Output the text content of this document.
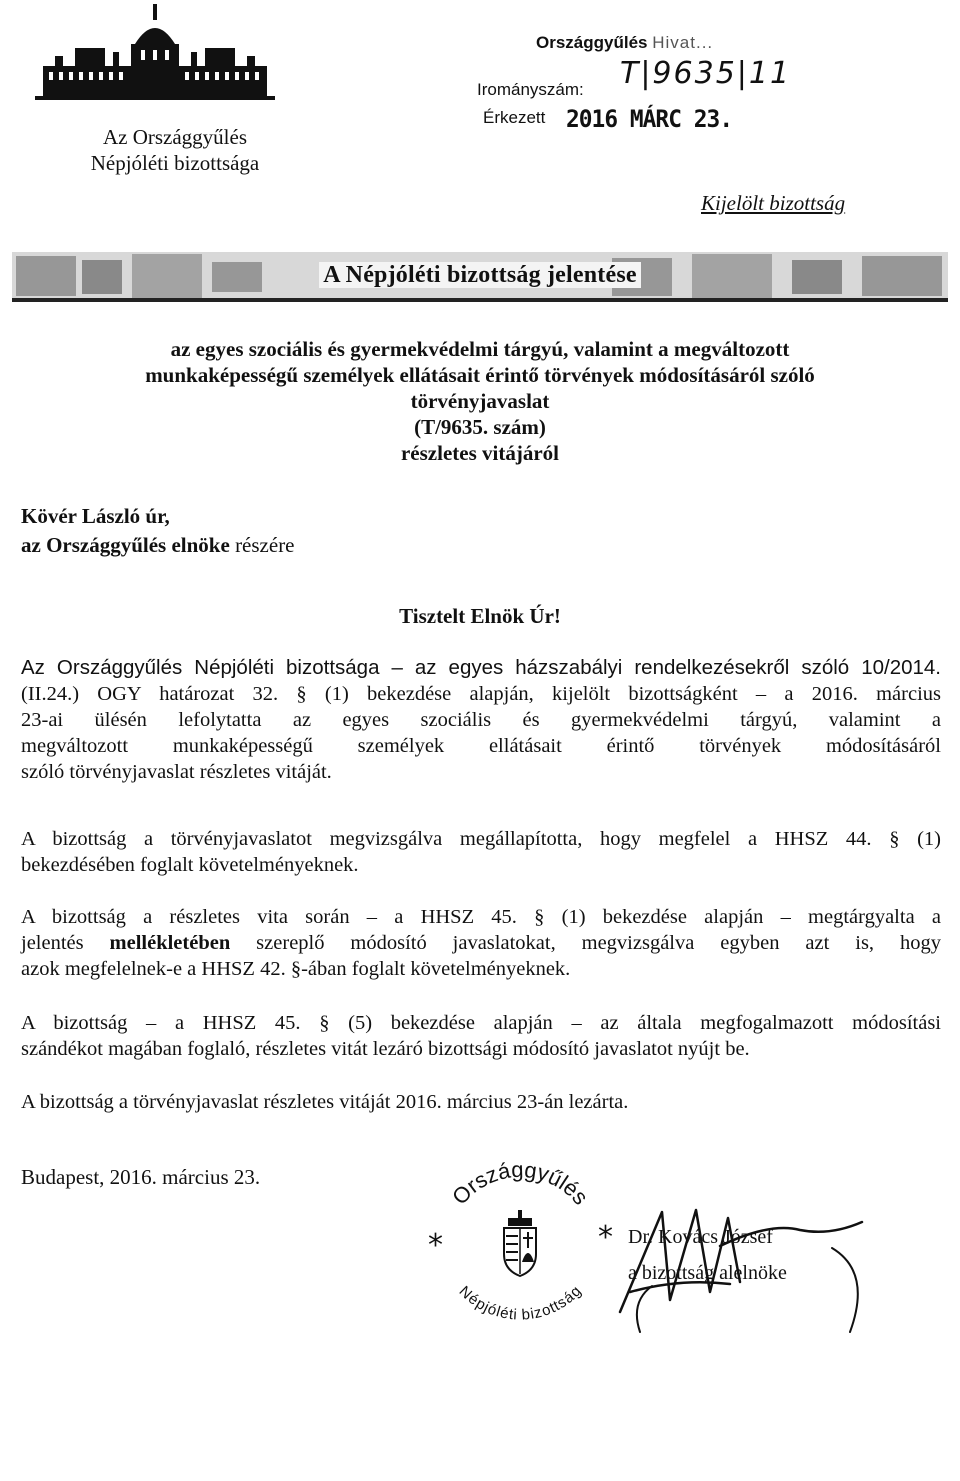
Az Országgyűlés
Népjóléti bizottsága
Országgyűlés Hivat...
Irományszám: T|9635|11
Érkezett 2016 MÁRC 23.
Kijelölt bizottság
A Népjóléti bizottság jelentése
az egyes szociális és gyermekvédelmi tárgyú, valamint a megváltozott
munkaképességű személyek ellátásait érintő törvények módosításáról szóló
törvényjavaslat
(T/9635. szám)
részletes vitájáról
Kövér László úr,
az Országgyűlés elnöke részére
Tisztelt Elnök Úr!
Az Országgyűlés Népjóléti bizottsága – az egyes házszabályi rendelkezésekről szóló 10/2014.
(II.24.) OGY határozat 32. § (1) bekezdése alapján, kijelölt bizottságként – a 2016. március
23-ai ülésén lefolytatta az egyes szociális és gyermekvédelmi tárgyú, valamint a
megváltozott munkaképességű személyek ellátásait érintő törvények módosításáról
szóló törvényjavaslat részletes vitáját.
A bizottság a törvényjavaslatot megvizsgálva megállapította, hogy megfelel a HHSZ 44. § (1)
bekezdésében foglalt követelményeknek.
A bizottság a részletes vita során – a HHSZ 45. § (1) bekezdése alapján – megtárgyalta a
jelentés mellékletében szereplő módosító javaslatokat, megvizsgálva egyben azt is, hogy
azok megfelelnek-e a HHSZ 42. §-ában foglalt követelményeknek.
A bizottság – a HHSZ 45. § (5) bekezdése alapján – az általa megfogalmazott módosítási
szándékot magában foglaló, részletes vitát lezáró bizottsági módosító javaslatot nyújt be.
A bizottság a törvényjavaslat részletes vitáját 2016. március 23-án lezárta.
Budapest, 2016. március 23.
Országgyűlés
Népjóléti bizottság
*	* Dr. Kovács József
a bizottság alelnöke
